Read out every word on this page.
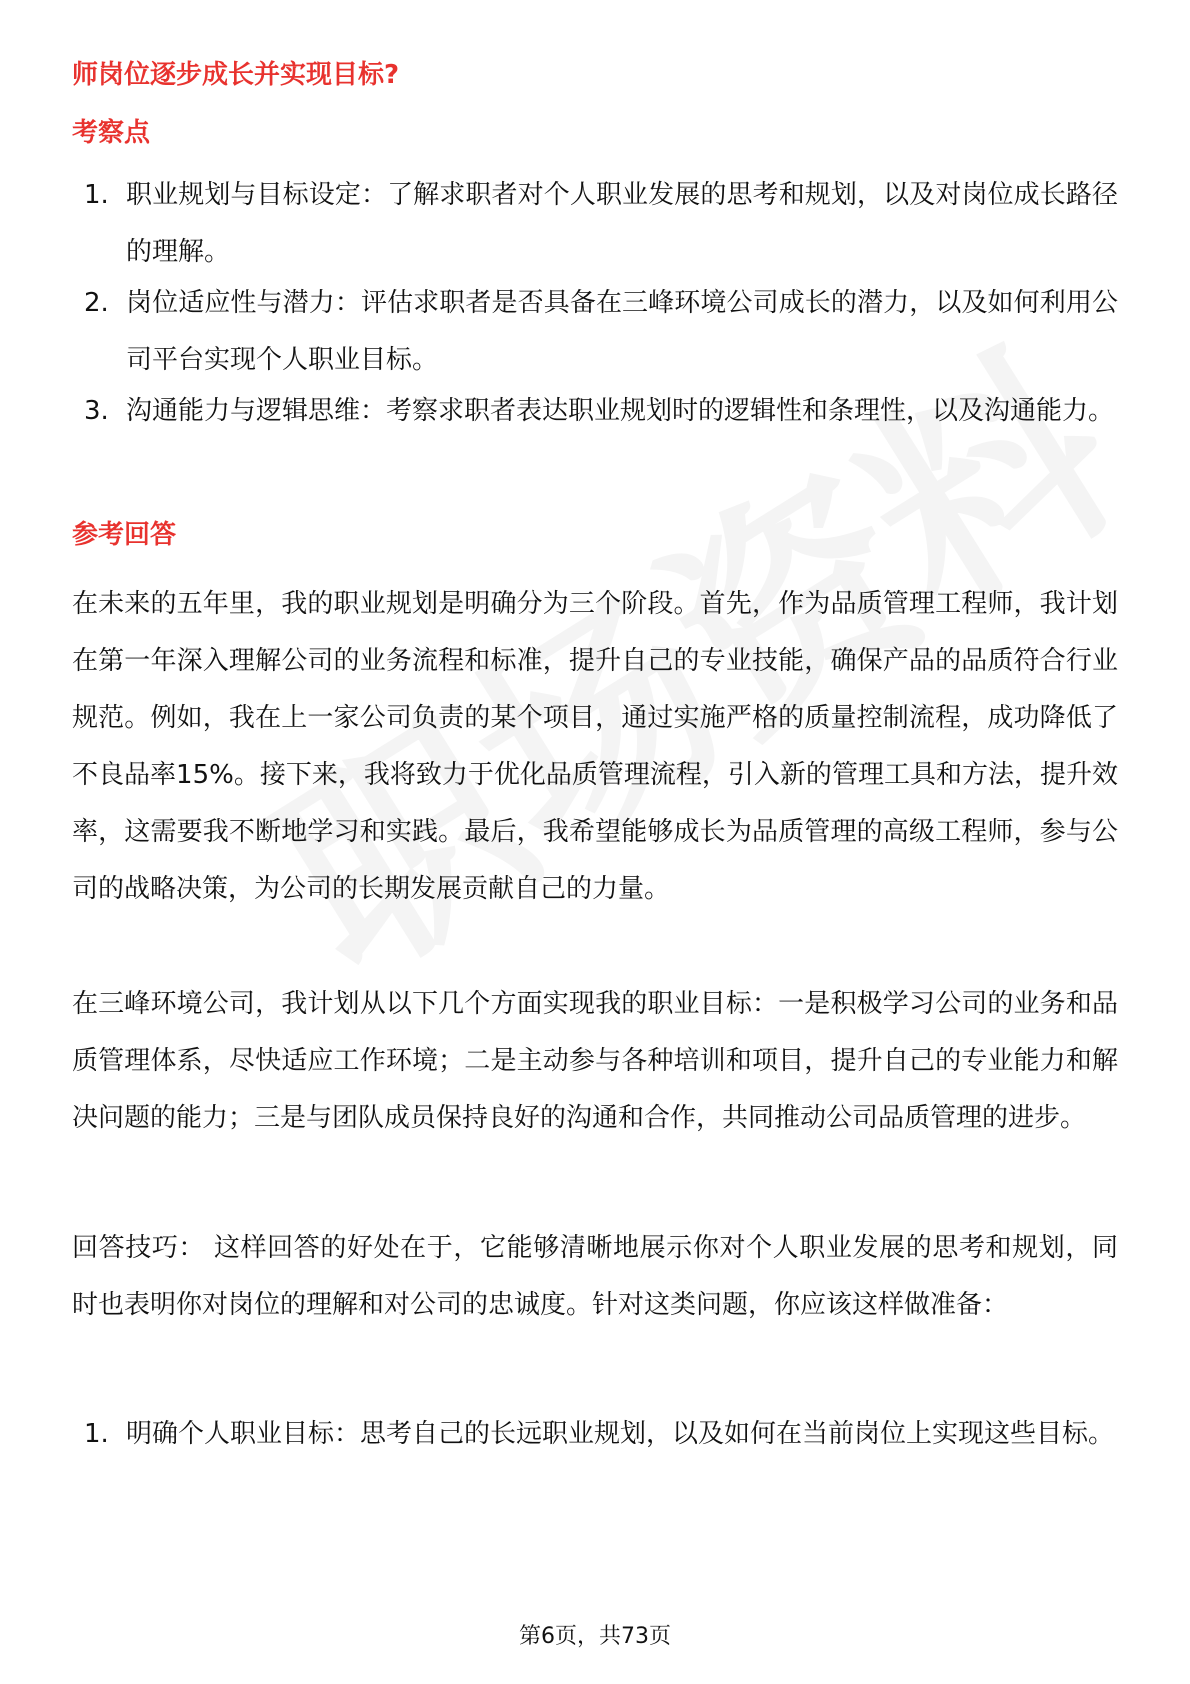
师岗位逐步成长并实现目标?
考察点
1. 职业规划与目标设定：了解求职者对个人职业发展的思考和规划，以及对岗位成长路径的理解。
2. 岗位适应性与潜力：评估求职者是否具备在三峰环境公司成长的潜力，以及如何利用公司平台实现个人职业目标。
3. 沟通能力与逻辑思维：考察求职者表达职业规划时的逻辑性和条理性，以及沟通能力。
参考回答

在未来的五年里，我的职业规划是明确分为三个阶段。首先，作为品质管理工程师，我计划在第一年深入理解公司的业务流程和标准，提升自己的专业技能，确保产品的品质符合行业规范。例如，我在上一家公司负责的某个项目，通过实施严格的质量控制流程，成功降低了不良品率15%。接下来，我将致力于优化品质管理流程，引入新的管理工具和方法，提升效率，这需要我不断地学习和实践。最后，我希望能够成长为品质管理的高级工程师，参与公司的战略决策，为公司的长期发展贡献自己的力量。

在三峰环境公司，我计划从以下几个方面实现我的职业目标：一是积极学习公司的业务和品质管理体系，尽快适应工作环境；二是主动参与各种培训和项目，提升自己的专业能力和解决问题的能力；三是与团队成员保持良好的沟通和合作，共同推动公司品质管理的进步。

回答技巧： 这样回答的好处在于，它能够清晰地展示你对个人职业发展的思考和规划，同时也表明你对岗位的理解和对公司的忠诚度。针对这类问题，你应该这样做准备：

1. 明确个人职业目标：思考自己的长远职业规划，以及如何在当前岗位上实现这些目标。
第6页，共73页
